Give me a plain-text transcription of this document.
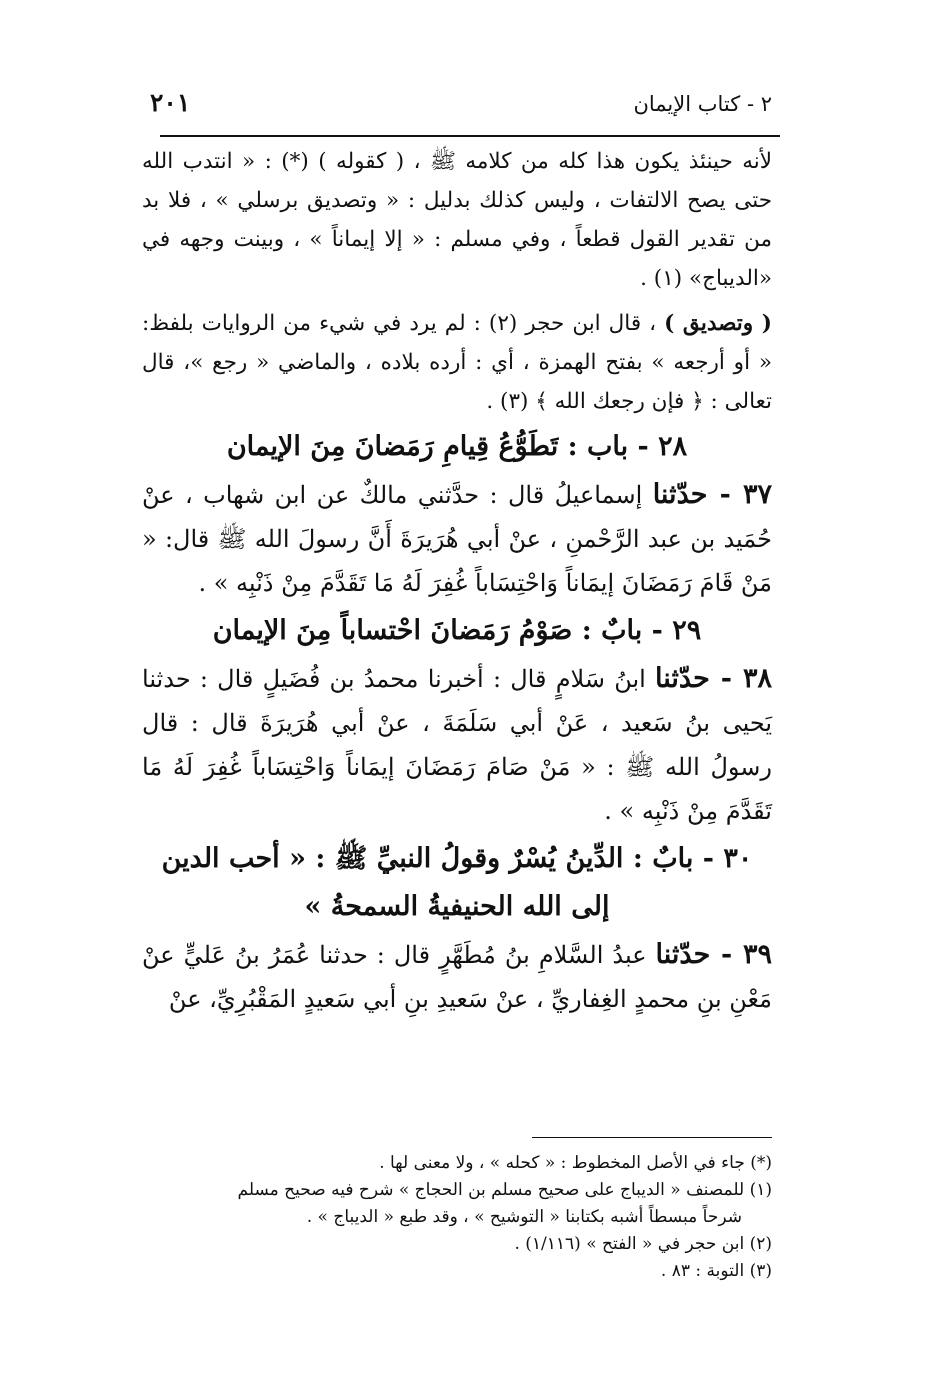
٢ - كتاب الإيمان
٢٠١

لأنه حينئذ يكون هذا كله من كلامه ﷺ ، ( كقوله ) (*) : « انتدب الله حتى يصح الالتفات ، وليس كذلك بدليل : « وتصديق برسلي » ، فلا بد من تقدير القول قطعاً ، وفي مسلم : « إلا إيماناً » ، وبينت وجهه في «الديباج» (١) .

( وتصديق ) ، قال ابن حجر (٢) : لم يرد في شيء من الروايات بلفظ: « أو أرجعه » بفتح الهمزة ، أي : أرده بلاده ، والماضي « رجع »، قال تعالى : ﴿ فإن رجعك الله ﴾ (٣) .

٢٨ - باب : تَطَوُّعُ قِيامِ رَمَضانَ مِنَ الإيمان

٣٧ - حدّثنا إسماعيلُ قال : حدَّثني مالكٌ عن ابن شهاب ، عنْ حُمَيد بن عبد الرَّحْمنِ ، عنْ أبي هُرَيرَةَ أَنَّ رسولَ الله ﷺ قال: « مَنْ قَامَ رَمَضَانَ إيمَاناً وَاحْتِسَاباً غُفِرَ لَهُ مَا تَقَدَّمَ مِنْ ذَنْبِه » .

٢٩ - بابٌ : صَوْمُ رَمَضانَ احْتساباً مِنَ الإيمان

٣٨ - حدّثنا ابنُ سَلامٍ قال : أخبرنا محمدُ بن فُضَيلٍ قال : حدثنا يَحيى بنُ سَعيد ، عَنْ أبي سَلَمَةَ ، عنْ أبي هُرَيرَةَ قال : قال رسولُ الله ﷺ : « مَنْ صَامَ رَمَضَانَ إيمَاناً وَاحْتِسَاباً غُفِرَ لَهُ مَا تَقَدَّمَ مِنْ ذَنْبِه » .

٣٠ - بابٌ : الدِّينُ يُسْرٌ وقولُ النبيِّ ﷺ : « أحب الدين إلى الله الحنيفيةُ السمحةُ »

٣٩ - حدّثنا عبدُ السَّلامِ بنُ مُطَهَّرٍ قال : حدثنا عُمَرُ بنُ عَليٍّ عنْ مَعْنِ بنِ محمدٍ الغِفاريِّ ، عنْ سَعيدِ بنِ أبي سَعيدٍ المَقْبُرِيِّ، عنْ

(*) جاء في الأصل المخطوط : « كحله » ، ولا معنى لها .

(١) للمصنف « الديباج على صحيح مسلم بن الحجاج » شرح فيه صحيح مسلم

شرحاً مبسطاً أشبه بكتابنا « التوشيح » ، وقد طبع « الديباج » .

(٢) ابن حجر في « الفتح » (١/١١٦) .

(٣) التوبة : ٨٣ .
